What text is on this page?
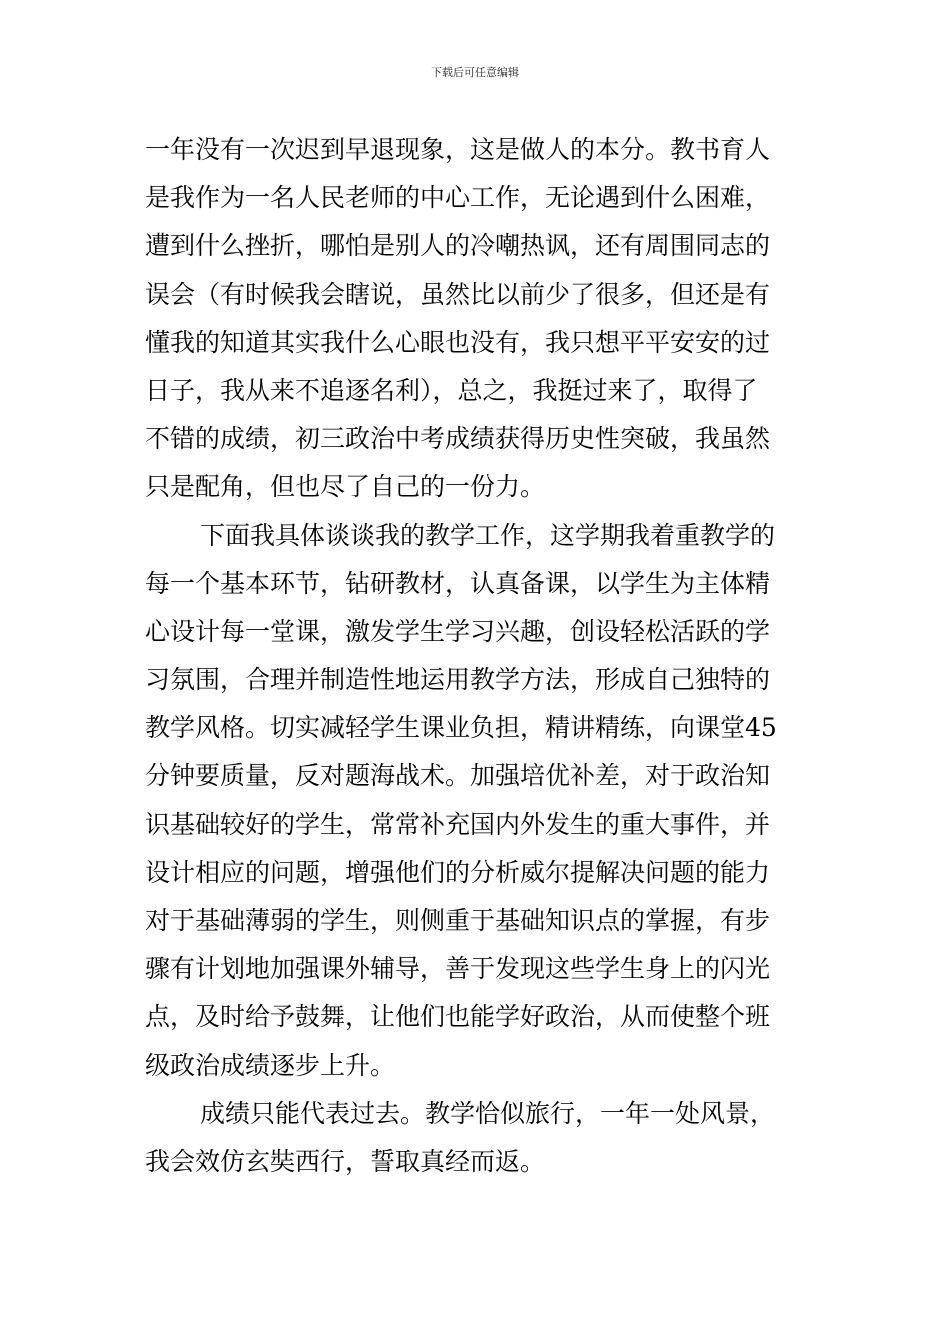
下载后可任意编辑
一年没有一次迟到早退现象，这是做人的本分。教书育人
是我作为一名人民老师的中心工作，无论遇到什么困难，
遭到什么挫折，哪怕是别人的冷嘲热讽，还有周围同志的
误会（有时候我会瞎说，虽然比以前少了很多，但还是有
懂我的知道其实我什么心眼也没有，我只想平平安安的过
日子，我从来不追逐名利），总之，我挺过来了，取得了
不错的成绩，初三政治中考成绩获得历史性突破，我虽然
只是配角，但也尽了自己的一份力。
下面我具体谈谈我的教学工作，这学期我着重教学的
每一个基本环节，钻研教材，认真备课，以学生为主体精
心设计每一堂课，激发学生学习兴趣，创设轻松活跃的学
习氛围，合理并制造性地运用教学方法，形成自己独特的
教学风格。切实减轻学生课业负担，精讲精练，向课堂45
分钟要质量，反对题海战术。加强培优补差，对于政治知
识基础较好的学生，常常补充国内外发生的重大事件，并
设计相应的问题，增强他们的分析威尔提解决问题的能力
对于基础薄弱的学生，则侧重于基础知识点的掌握，有步
骤有计划地加强课外辅导，善于发现这些学生身上的闪光
点，及时给予鼓舞，让他们也能学好政治，从而使整个班
级政治成绩逐步上升。
成绩只能代表过去。教学恰似旅行，一年一处风景，
我会效仿玄奘西行，誓取真经而返。
